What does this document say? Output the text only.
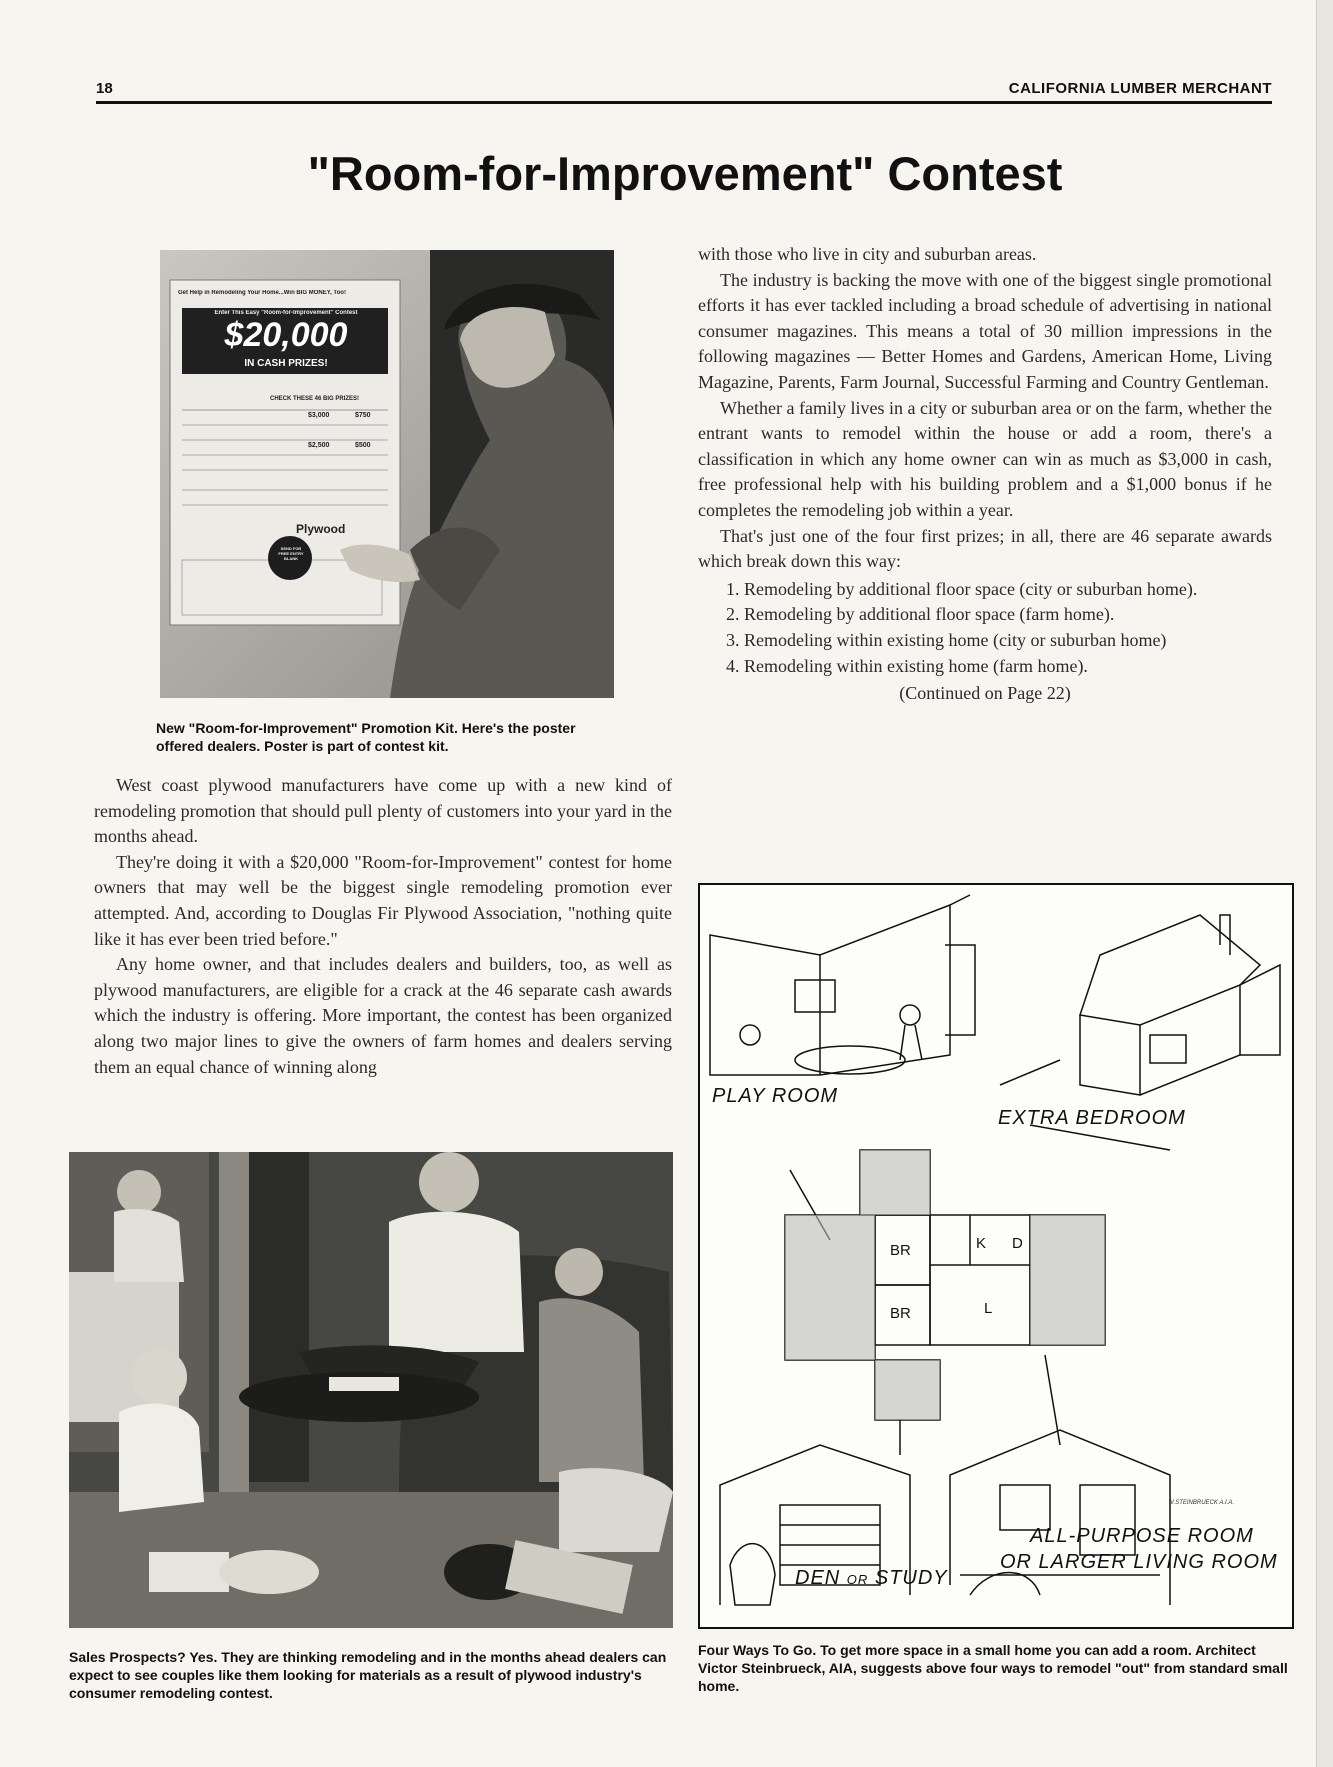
18	CALIFORNIA LUMBER MERCHANT
"Room-for-Improvement" Contest
Get Help in Remodeling Your Home...Win BIG MONEY, Too!
Enter This Easy "Room-for-Improvement" Contest
$20,000
IN CASH PRIZES!
CHECK THESE 46 BIG PRIZES!
$3,000	$750
$2,500	$500
Plywood
SEND FOR FREE ENTRY BLANK
New "Room-for-Improvement" Promotion Kit. Here's the poster offered dealers. Poster is part of contest kit.

West coast plywood manufacturers have come up with a new kind of remodeling promotion that should pull plenty of customers into your yard in the months ahead.

They're doing it with a $20,000 "Room-for-Improvement" contest for home owners that may well be the biggest single remodeling promotion ever attempted. And, according to Douglas Fir Plywood Association, "nothing quite like it has ever been tried before."

Any home owner, and that includes dealers and builders, too, as well as plywood manufacturers, are eligible for a crack at the 46 separate cash awards which the industry is offering. More important, the contest has been organized along two major lines to give the owners of farm homes and dealers serving them an equal chance of winning along

Sales Prospects? Yes. They are thinking remodeling and in the months ahead dealers can expect to see couples like them looking for materials as a result of plywood industry's consumer remodeling contest.

with those who live in city and suburban areas.

The industry is backing the move with one of the biggest single promotional efforts it has ever tackled including a broad schedule of advertising in national consumer magazines. This means a total of 30 million impressions in the following magazines — Better Homes and Gardens, American Home, Living Magazine, Parents, Farm Journal, Successful Farming and Country Gentleman.

Whether a family lives in a city or suburban area or on the farm, whether the entrant wants to remodel within the house or add a room, there's a classification in which any home owner can win as much as $3,000 in cash, free professional help with his building problem and a $1,000 bonus if he completes the remodeling job within a year.

That's just one of the four first prizes; in all, there are 46 separate awards which break down this way:

1. Remodeling by additional floor space (city or suburban home).
2. Remodeling by additional floor space (farm home).
3. Remodeling within existing home (city or suburban home)
4. Remodeling within existing home (farm home).
(Continued on Page 22)
PLAY ROOM
EXTRA BEDROOM
BR
BR
K D
L
V.STEINBRUECK A.I.A.
ALL-PURPOSE ROOM
OR LARGER LIVING ROOM
DEN OR STUDY
Four Ways To Go. To get more space in a small home you can add a room. Architect Victor Steinbrueck, AIA, suggests above four ways to remodel "out" from standard small home.
